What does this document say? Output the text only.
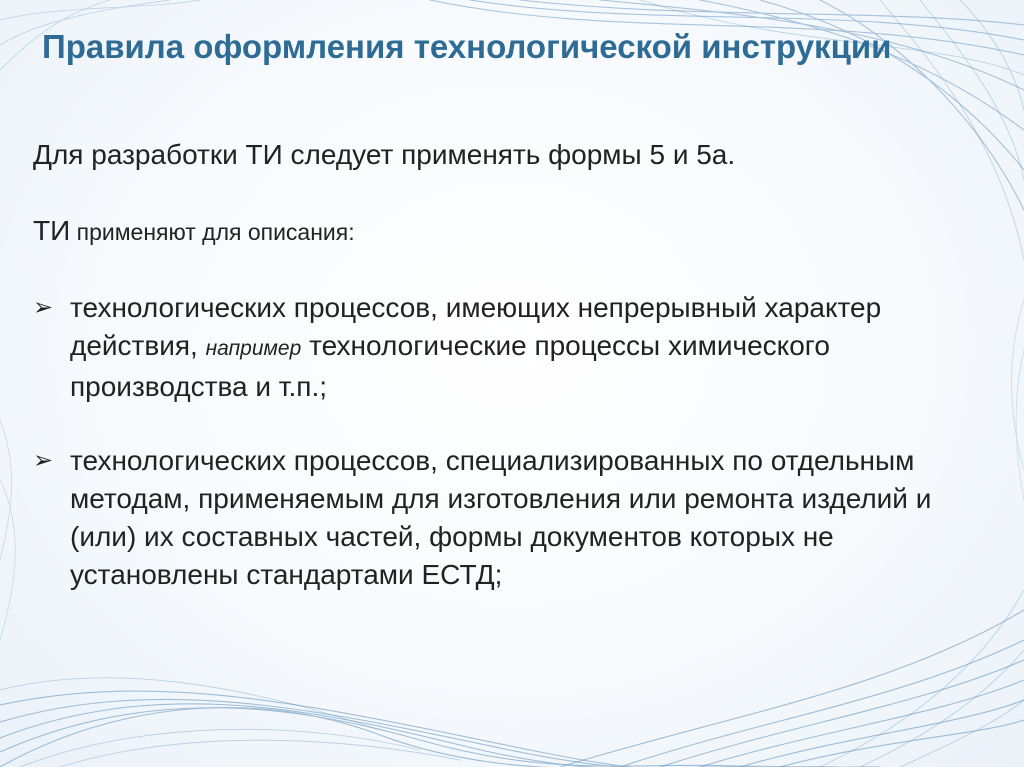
Правила оформления технологической инструкции

Для разработки ТИ следует применять формы 5 и 5а.

ТИ применяют для описания:

➢ технологических процессов, имеющих непрерывный характер действия, например технологические процессы химического производства и т.п.;
➢ технологических процессов, специализированных по отдельным методам, применяемым для изготовления или ремонта изделий и (или) их составных частей, формы документов которых не установлены стандартами ЕСТД;
